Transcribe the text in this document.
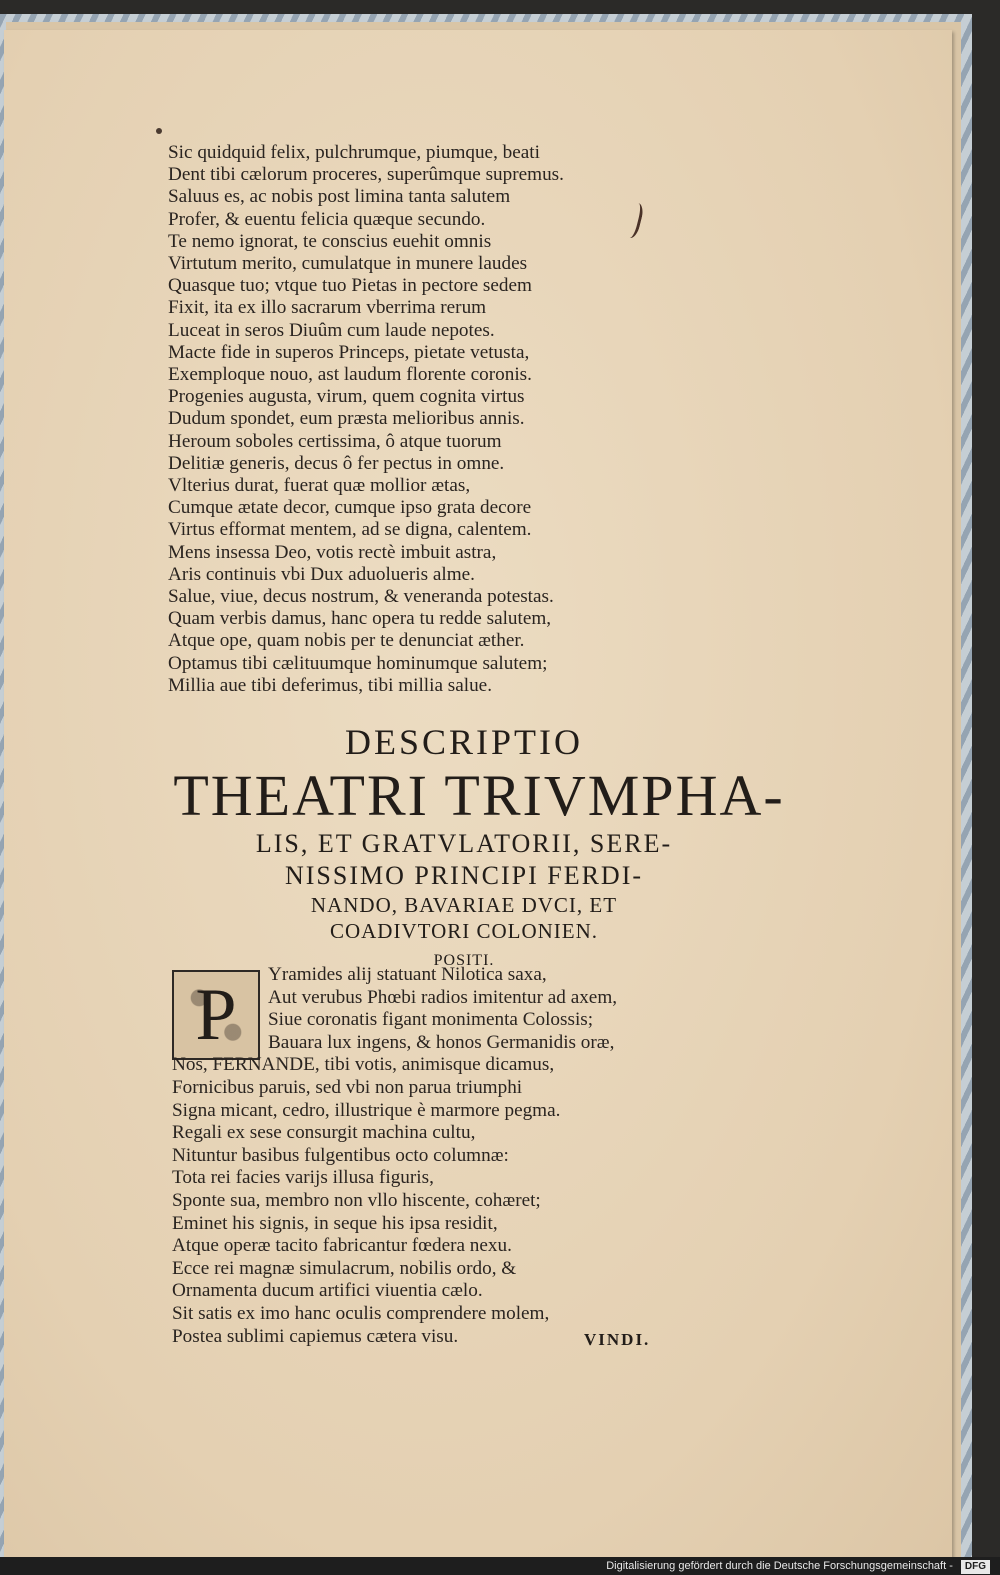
Sic quidquid felix, pulchrumque, piumque, beati
Dent tibi cælorum proceres, superûmque supremus.
Saluus es, ac nobis post limina tanta salutem
Profer, & euentu felicia quæque secundo.
Te nemo ignorat, te conscius euehit omnis
Virtutum merito, cumulatque in munere laudes
Quasque tuo; vtque tuo Pietas in pectore sedem
Fixit, ita ex illo sacrarum vberrima rerum
Luceat in seros Diuûm cum laude nepotes.
Macte fide in superos Princeps, pietate vetusta,
Exemploque nouo, ast laudum florente coronis.
Progenies augusta, virum, quem cognita virtus
Dudum spondet, eum præsta melioribus annis.
Heroum soboles certissima, ô atque tuorum
Delitiæ generis, decus ô fer pectus in omne.
Vlterius durat, fuerat quæ mollior ætas,
Cumque ætate decor, cumque ipso grata decore
Virtus efformat mentem, ad se digna, calentem.
Mens insessa Deo, votis rectè imbuit astra,
Aris continuis vbi Dux aduolueris alme.
Salue, viue, decus nostrum, & veneranda potestas.
Quam verbis damus, hanc opera tu redde salutem,
Atque ope, quam nobis per te denunciat æther.
Optamus tibi cælituumque hominumque salutem;
Millia aue tibi deferimus, tibi millia salue.
DESCRIPTIO
THEATRI TRIVMPHA-
LIS, ET GRATVLATORII, SERE-
NISSIMO PRINCIPI FERDI-
NANDO, BAVARIAE DVCI, ET
COADIVTORI COLONIEN.
POSITI.
P	Yramides alij statuant Nilotica saxa,
Aut verubus Phœbi radios imitentur ad axem,
Siue coronatis figant monimenta Colossis;
Bauara lux ingens, & honos Germanidis oræ,
Nos, FERNANDE, tibi votis, animisque dicamus,
Fornicibus paruis, sed vbi non parua triumphi
Signa micant, cedro, illustrique è marmore pegma.
Regali ex sese consurgit machina cultu,
Nituntur basibus fulgentibus octo columnæ:
Tota rei facies varijs illusa figuris,
Sponte sua, membro non vllo hiscente, cohæret;
Eminet his signis, in seque his ipsa residit,
Atque operæ tacito fabricantur fœdera nexu.
Ecce rei magnæ simulacrum, nobilis ordo, &
Ornamenta ducum artifici viuentia cælo.
Sit satis ex imo hanc oculis comprendere molem,
Postea sublimi capiemus cætera visu.	VINDI.
Digitalisierung gefördert durch die Deutsche Forschungsgemeinschaft - DFG
